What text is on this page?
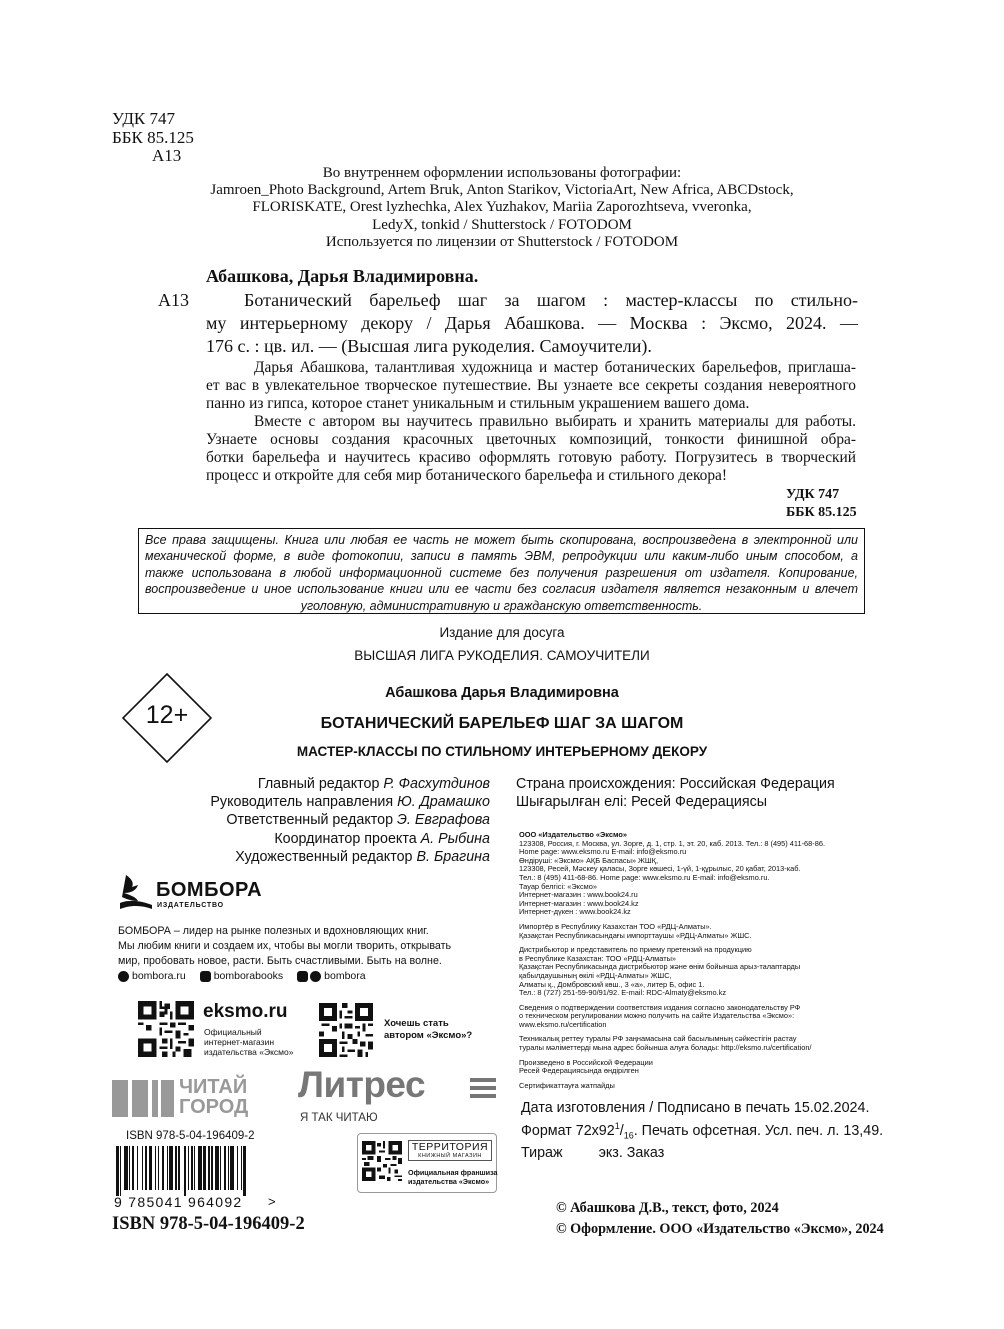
УДК 747
ББК 85.125
А13
Во внутреннем оформлении использованы фотографии:
Jamroen_Photo Background, Artem Bruk, Anton Starikov, VictoriaArt, New Africa, ABCDstock,
FLORISKATE, Orest lyzhechka, Alex Yuzhakov, Mariia Zaporozhtseva, vveronka,
LedyX, tonkid / Shutterstock / FOTODOM
Используется по лицензии от Shutterstock / FOTODOM
Абашкова, Дарья Владимировна.
А13	Ботанический барельеф шаг за шагом : мастер-классы по стильно-
му интерьерному декору / Дарья Абашкова. — Москва : Эксмо, 2024. —
176 с. : цв. ил. — (Высшая лига рукоделия. Самоучители).
Дарья Абашкова, талантливая художница и мастер ботанических барельефов, приглаша-
ет вас в увлекательное творческое путешествие. Вы узнаете все секреты создания невероятного
панно из гипса, которое станет уникальным и стильным украшением вашего дома.
Вместе с автором вы научитесь правильно выбирать и хранить материалы для работы.
Узнаете основы создания красочных цветочных композиций, тонкости финишной обра-
ботки барельефа и научитесь красиво оформлять готовую работу. Погрузитесь в творческий
процесс и откройте для себя мир ботанического барельефа и стильного декора!
УДК 747
ББК 85.125
Все права защищены. Книга или любая ее часть не может быть скопирована, воспроизведена в электронной или
механической форме, в виде фотокопии, записи в память ЭВМ, репродукции или каким-либо иным способом, а
также использована в любой информационной системе без получения разрешения от издателя. Копирование,
воспроизведение и иное использование книги или ее части без согласия издателя является незаконным и влечет
уголовную, административную и гражданскую ответственность.
Издание для досуга
ВЫСШАЯ ЛИГА РУКОДЕЛИЯ. САМОУЧИТЕЛИ
12+
Абашкова Дарья Владимировна
БОТАНИЧЕСКИЙ БАРЕЛЬЕФ ШАГ ЗА ШАГОМ
МАСТЕР-КЛАССЫ ПО СТИЛЬНОМУ ИНТЕРЬЕРНОМУ ДЕКОРУ
Главный редактор Р. Фасхутдинов
Руководитель направления Ю. Драмашко
Ответственный редактор Э. Евграфова
Координатор проекта А. Рыбина
Художественный редактор В. Брагина
Страна происхождения: Российская Федерация
Шығарылған елі: Ресей Федерациясы
БОМБОРА
ИЗДАТЕЛЬСТВО
БОМБОРА – лидер на рынке полезных и вдохновляющих книг.
Мы любим книги и создаем их, чтобы вы могли творить, открывать
мир, пробовать новое, расти. Быть счастливыми. Быть на волне.
bombora.ru	bomborabooks	bombora
eksmo.ru
Официальный
интернет-магазин
издательства «Эксмо»
Хочешь стать
автором «Эксмо»?
ЧИТАЙ
ГОРОД
Литрес
Я ТАК ЧИТАЮ
ISBN 978-5-04-196409-2
9 785041 964092 >
ISBN 978-5-04-196409-2
ТЕРРИТОРИЯ
КНИЖНЫЙ МАГАЗИН
Официальная франшиза
издательства «Эксмо»
ООО «Издательство «Эксмо»
123308, Россия, г. Москва, ул. Зорге, д. 1, стр. 1, эт. 20, каб. 2013. Тел.: 8 (495) 411-68-86.
Home page: www.eksmo.ru E-mail: info@eksmo.ru
Өндіруші: «Эксмо» АҚБ Баспасы» ЖШҚ,
123308, Ресей, Мәскеу қаласы, Зорге көшесі, 1-үй, 1-құрылыс, 20 қабат, 2013-каб.
Тел.: 8 (495) 411-68-86. Home page: www.eksmo.ru E-mail: info@eksmo.ru.
Тауар белгісі: «Эксмо»
Интернет-магазин : www.book24.ru
Интернет-магазин : www.book24.kz
Интернет-дүкен : www.book24.kz
Импортёр в Республику Казахстан ТОО «РДЦ-Алматы».
Қазақстан Республикасындағы импорттаушы «РДЦ-Алматы» ЖШС.
Дистрибьютор и представитель по приему претензий на продукцию
в Республике Казахстан: ТОО «РДЦ-Алматы»
Қазақстан Республикасында дистрибьютор және өнім бойынша арыз-талаптарды
қабылдаушының өкілі «РДЦ-Алматы» ЖШС,
Алматы қ., Домбровский көш., 3 «а», литер Б, офис 1.
Тел.: 8 (727) 251-59-90/91/92. E-mail: RDC-Almaty@eksmo.kz
Сведения о подтверждении соответствия издания согласно законодательству РФ
о техническом регулировании можно получить на сайте Издательства «Эксмо»:
www.eksmo.ru/certification
Техникалық реттеу туралы РФ заңнамасына сай басылымның сәйкестігін растау
туралы мәліметтерді мына адрес бойынша алуға болады: http://eksmo.ru/certification/
Произведено в Российской Федерации
Ресей Федерациясында өндірілген
Сертификаттауға жатпайды
Дата изготовления / Подписано в печать 15.02.2024.
Формат $72х92^1/_{16}$. Печать офсетная. Усл. печ. л. 13,49.
Тираж	экз. Заказ
© Абашкова Д.В., текст, фото, 2024
© Оформление. ООО «Издательство «Эксмо», 2024
